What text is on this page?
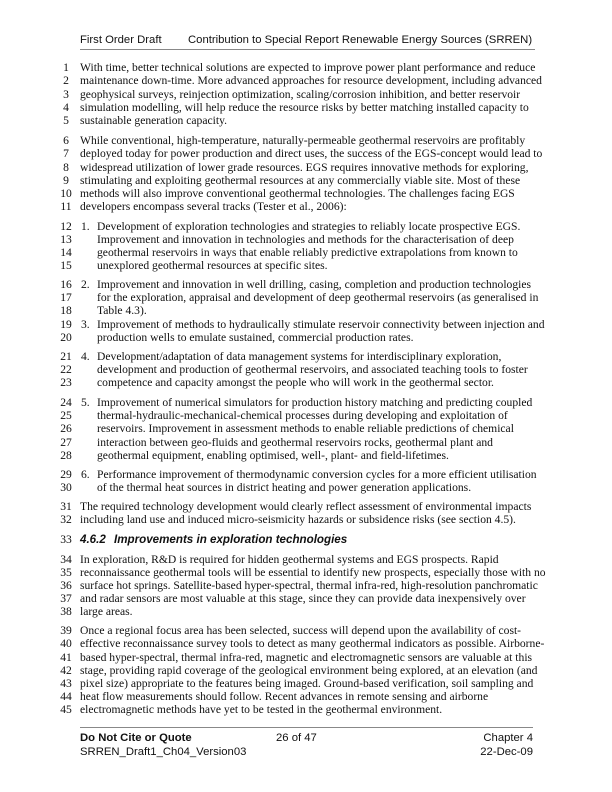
First Order Draft Contribution to Special Report Renewable Energy Sources (SRREN)
1 With time, better technical solutions are expected to improve power plant performance and reduce
2 maintenance down-time. More advanced approaches for resource development, including advanced
3 geophysical surveys, reinjection optimization, scaling/corrosion inhibition, and better reservoir
4 simulation modelling, will help reduce the resource risks by better matching installed capacity to
5 sustainable generation capacity.
6 While conventional, high-temperature, naturally-permeable geothermal reservoirs are profitably
7 deployed today for power production and direct uses, the success of the EGS-concept would lead to
8 widespread utilization of lower grade resources. EGS requires innovative methods for exploring,
9 stimulating and exploiting geothermal resources at any commercially viable site. Most of these
10 methods will also improve conventional geothermal technologies. The challenges facing EGS
11 developers encompass several tracks (Tester et al., 2006):
12 1. Development of exploration technologies and strategies to reliably locate prospective EGS.
13	Improvement and innovation in technologies and methods for the characterisation of deep
14	geothermal reservoirs in ways that enable reliably predictive extrapolations from known to
15	unexplored geothermal resources at specific sites.
16 2. Improvement and innovation in well drilling, casing, completion and production technologies
17	for the exploration, appraisal and development of deep geothermal reservoirs (as generalised in
18	Table 4.3).
19 3. Improvement of methods to hydraulically stimulate reservoir connectivity between injection and
20	production wells to emulate sustained, commercial production rates.
21 4. Development/adaptation of data management systems for interdisciplinary exploration,
22	development and production of geothermal reservoirs, and associated teaching tools to foster
23	competence and capacity amongst the people who will work in the geothermal sector.
24 5. Improvement of numerical simulators for production history matching and predicting coupled
25	thermal-hydraulic-mechanical-chemical processes during developing and exploitation of
26	reservoirs. Improvement in assessment methods to enable reliable predictions of chemical
27	interaction between geo-fluids and geothermal reservoirs rocks, geothermal plant and
28	geothermal equipment, enabling optimised, well-, plant- and field-lifetimes.
29 6. Performance improvement of thermodynamic conversion cycles for a more efficient utilisation
30	of the thermal heat sources in district heating and power generation applications.
31 The required technology development would clearly reflect assessment of environmental impacts
32 including land use and induced micro-seismicity hazards or subsidence risks (see section 4.5).
33 4.6.2 Improvements in exploration technologies
34 In exploration, R&D is required for hidden geothermal systems and EGS prospects. Rapid
35 reconnaissance geothermal tools will be essential to identify new prospects, especially those with no
36 surface hot springs. Satellite-based hyper-spectral, thermal infra-red, high-resolution panchromatic
37 and radar sensors are most valuable at this stage, since they can provide data inexpensively over
38 large areas.
39 Once a regional focus area has been selected, success will depend upon the availability of cost-
40 effective reconnaissance survey tools to detect as many geothermal indicators as possible. Airborne-
41 based hyper-spectral, thermal infra-red, magnetic and electromagnetic sensors are valuable at this
42 stage, providing rapid coverage of the geological environment being explored, at an elevation (and
43 pixel size) appropriate to the features being imaged. Ground-based verification, soil sampling and
44 heat flow measurements should follow. Recent advances in remote sensing and airborne
45 electromagnetic methods have yet to be tested in the geothermal environment.
Do Not Cite or Quote
SRREN_Draft1_Ch04_Version03
26 of 47	Chapter 4
22-Dec-09
